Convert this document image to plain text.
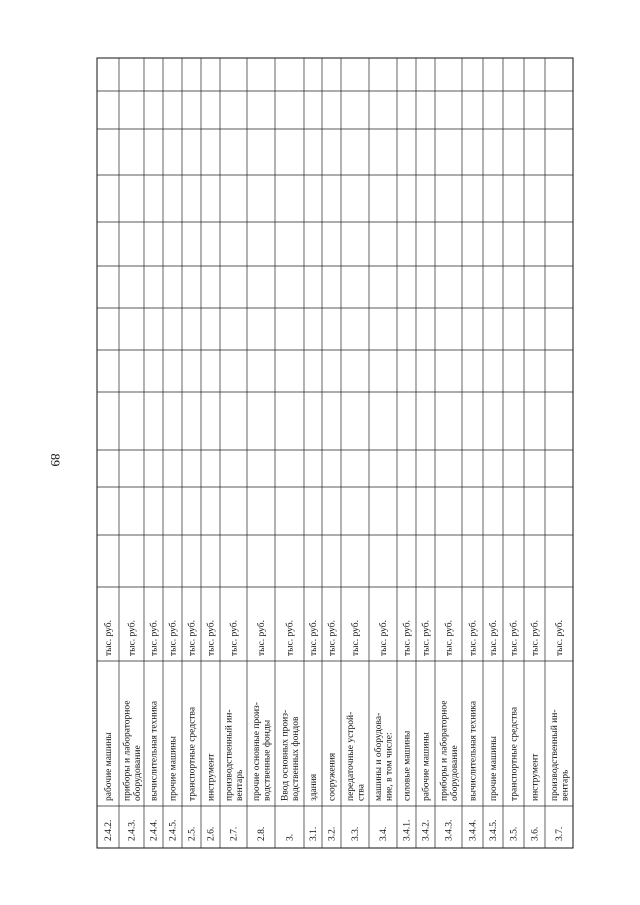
89
2.4.2.
рабочие машины
тыс. руб.
2.4.3.
приборы и лабораторное оборудование
тыс. руб.
2.4.4.
вычислительная техника
тыс. руб.
2.4.5.
прочие машины
тыс. руб.
2.5.
транспортные средства
тыс. руб.
2.6.
инструмент
тыс. руб.
2.7.
производственный ин- вентарь
тыс. руб.
2.8.
прочие основные произ- водственные фонды
тыс. руб.
3.
Ввод основных произ- водственных фондов
тыс. руб.
3.1.
здания
тыс. руб.
3.2.
сооружения
тыс. руб.
3.3.
передаточные устрой- ства
тыс. руб.
3.4.
машины и оборудова- ние, в том числе:
тыс. руб.
3.4.1.
силовые машины
тыс. руб.
3.4.2.
рабочие машины
тыс. руб.
3.4.3.
приборы и лабораторное оборудование
тыс. руб.
3.4.4.
вычислительная техника
тыс. руб.
3.4.5.
прочие машины
тыс. руб.
3.5.
транспортные средства
тыс. руб.
3.6.
инструмент
тыс. руб.
3.7.
производственный ин- вентарь
тыс. руб.
